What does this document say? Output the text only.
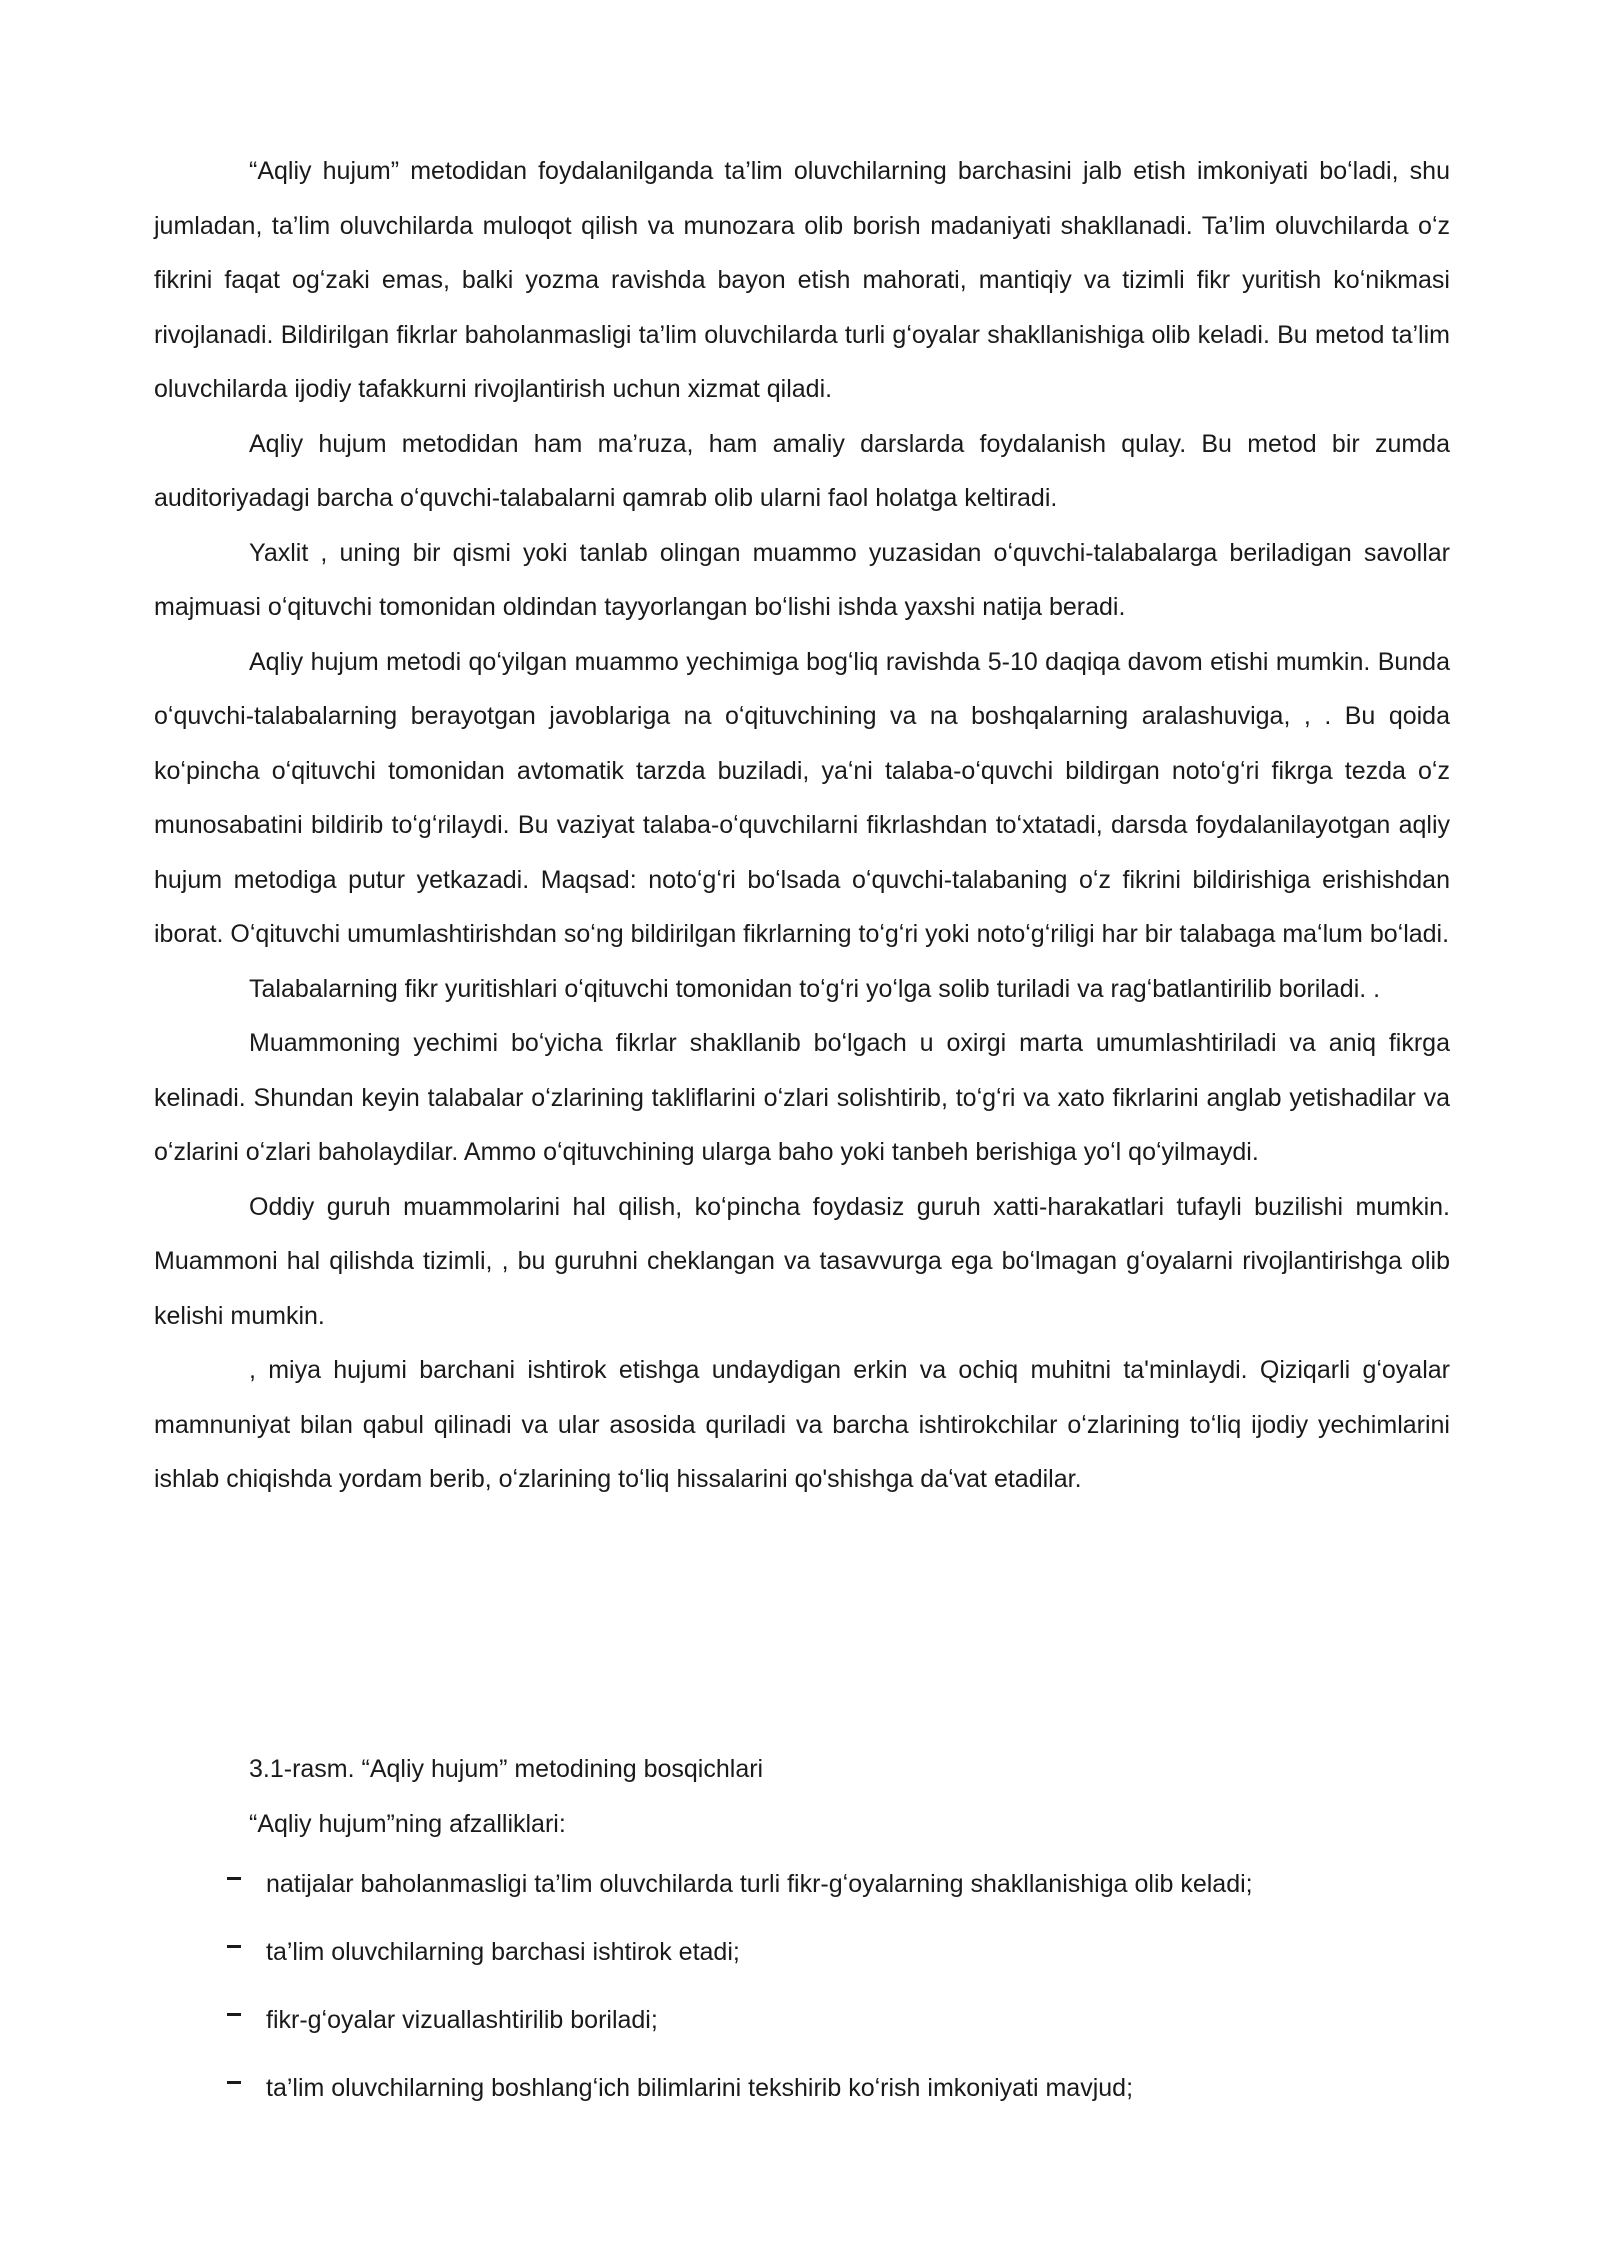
“Aqliy hujum” metodidan foydalanilganda ta’lim oluvchilarning barchasini jalb etish imkoniyati boʻladi, shu jumladan, ta’lim oluvchilarda muloqot qilish va munozara olib borish madaniyati shakllanadi. Ta’lim oluvchilarda oʻz fikrini faqat ogʻzaki emas, balki yozma ravishda bayon etish mahorati, mantiqiy va tizimli fikr yuritish koʻnikmasi rivojlanadi. Bildirilgan fikrlar baholanmasligi ta’lim oluvchilarda turli gʻoyalar shakllanishiga olib keladi. Bu metod ta’lim oluvchilarda ijodiy tafakkurni rivojlantirish uchun xizmat qiladi.

Aqliy hujum metodidan ham ma’ruza, ham amaliy darslarda foydalanish qulay. Bu metod bir zumda auditoriyadagi barcha oʻquvchi-talabalarni qamrab olib ularni faol holatga keltiradi.

Yaxlit , uning bir qismi yoki tanlab olingan muammo yuzasidan oʻquvchi-talabalarga beriladigan savollar majmuasi oʻqituvchi tomonidan oldindan tayyorlangan boʻlishi ishda yaxshi natija beradi.

Aqliy hujum metodi qoʻyilgan muammo yechimiga bogʻliq ravishda 5-10 daqiqa davom etishi mumkin. Bunda oʻquvchi-talabalarning berayotgan javoblariga na oʻqituvchining va na boshqalarning aralashuviga, , . Bu qoida koʻpincha oʻqituvchi tomonidan avtomatik tarzda buziladi, yaʻni talaba-oʻquvchi bildirgan notoʻgʻri fikrga tezda oʻz munosabatini bildirib toʻgʻrilaydi. Bu vaziyat talaba-oʻquvchilarni fikrlashdan toʻxtatadi, darsda foydalanilayotgan aqliy hujum metodiga putur yetkazadi. Maqsad: notoʻgʻri boʻlsada oʻquvchi-talabaning oʻz fikrini bildirishiga erishishdan iborat. Oʻqituvchi umumlashtirishdan soʻng bildirilgan fikrlarning toʻgʻri yoki notoʻgʻriligi har bir talabaga maʻlum boʻladi.

Talabalarning fikr yuritishlari oʻqituvchi tomonidan toʻgʻri yoʻlga solib turiladi va ragʻbatlantirilib boriladi. .

Muammoning yechimi boʻyicha fikrlar shakllanib boʻlgach u oxirgi marta umumlashtiriladi va aniq fikrga kelinadi. Shundan keyin talabalar oʻzlarining takliflarini oʻzlari solishtirib, toʻgʻri va xato fikrlarini anglab yetishadilar va oʻzlarini oʻzlari baholaydilar. Ammo oʻqituvchining ularga baho yoki tanbeh berishiga yoʻl qoʻyilmaydi.

Oddiy guruh muammolarini hal qilish, koʻpincha foydasiz guruh xatti-harakatlari tufayli buzilishi mumkin. Muammoni hal qilishda tizimli, , bu guruhni cheklangan va tasavvurga ega boʻlmagan gʻoyalarni rivojlantirishga olib kelishi mumkin.

, miya hujumi barchani ishtirok etishga undaydigan erkin va ochiq muhitni ta'minlaydi. Qiziqarli gʻoyalar mamnuniyat bilan qabul qilinadi va ular asosida quriladi va barcha ishtirokchilar oʻzlarining toʻliq ijodiy yechimlarini ishlab chiqishda yordam berib, oʻzlarining toʻliq hissalarini qo'shishga daʻvat etadilar.

3.1-rasm. “Aqliy hujum” metodining bosqichlari

“Aqliy hujum”ning afzalliklari:

natijalar baholanmasligi ta’lim oluvchilarda turli fikr-gʻoyalarning shakllanishiga olib keladi;
ta’lim oluvchilarning barchasi ishtirok etadi;
fikr-gʻoyalar vizuallashtirilib boriladi;
ta’lim oluvchilarning boshlangʻich bilimlarini tekshirib koʻrish imkoniyati mavjud;
